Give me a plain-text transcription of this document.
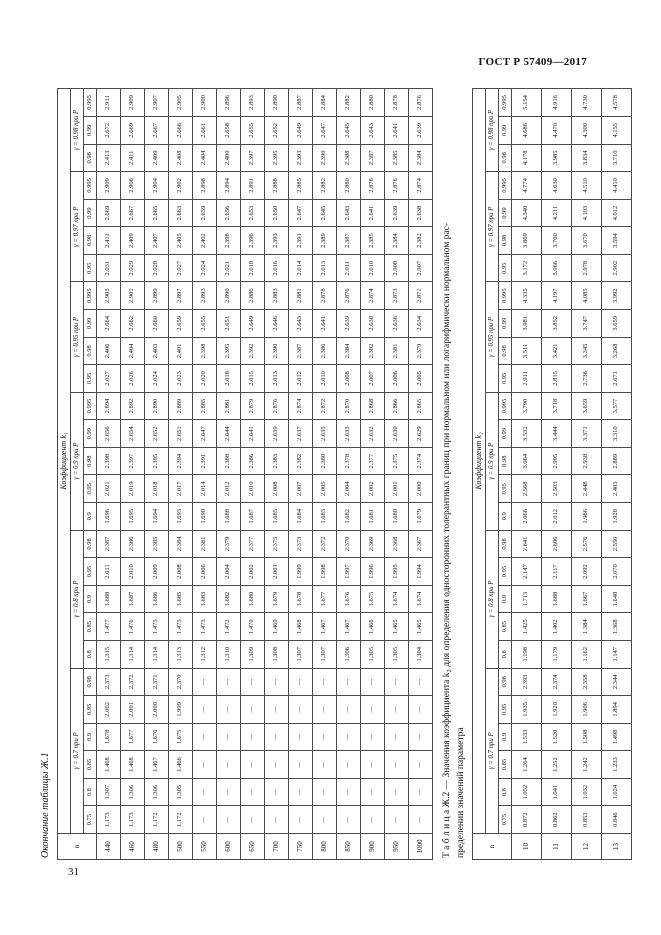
ГОСТ Р 57409—2017
31
Окончание таблицы Ж.1	n	Коэффициент k₁																										
	γ = 0.7 при Р						γ = 0.8 при Р					γ = 0.9 при Р					γ = 0.95 при Р				γ = 0.97 при Р				γ = 0.98 при Р		
	0.75	0.8	0.85	0.9	0.95	0.98	0.8	0.85	0.9	0.95	0.98	0.9	0.95	0.98	0.99	0.995	0.95	0.98	0.99	0.995	0.95	0.98	0.99	0.995	0.98	0.99	0.995
440	1.173	1.307	1.468	1.678	2.002	2.373	1.315	1.477	1.688	2.011	2.387	1.696	2.021	2.398	2.656	2.894	2.027	2.406	2.664	2.903	2.031	2.411	2.669	2.909	2.413	2.672	2.911
460	1.173	1.306	1.468	1.677	2.001	2.372	1.314	1.476	1.687	2.010	2.386	1.695	2.019	2.397	2.654	2.892	2.026	2.404	2.662	2.901	2.029	2.409	2.667	2.906	2.411	2.669	2.909
480	1.172	1.306	1.467	1.676	2.000	2.371	1.314	1.475	1.686	2.009	2.385	1.694	2.018	2.395	2.652	2.890	2.024	2.403	2.660	2.899	2.028	2.407	2.665	2.904	2.409	2.667	2.907
500	1.172	1.305	1.466	1.675	1.999	2.370	1.313	1.475	1.685	2.008	2.384	1.693	2.017	2.394	2.651	2.889	2.023	2.401	2.659	2.897	2.027	2.405	2.663	2.902	2.408	2.666	2.905
550	—	—	—	—	—	—	1.312	1.473	1.683	2.006	2.381	1.690	2.014	2.391	2.647	2.885	2.020	2.398	2.655	2.893	2.024	2.402	2.659	2.898	2.404	2.661	2.900
600	—	—	—	—	—	—	1.310	1.472	1.682	2.004	2.379	1.688	2.012	2.388	2.644	2.881	2.018	2.395	2.651	2.890	2.021	2.398	2.656	2.894	2.400	2.658	2.896
650	—	—	—	—	—	—	1.309	1.470	1.680	2.002	2.377	1.687	2.010	2.386	2.641	2.879	2.015	2.392	2.649	2.886	2.018	2.396	2.653	2.891	2.397	2.655	2.893
700	—	—	—	—	—	—	1.308	1.469	1.679	2.001	2.375	1.685	2.008	2.383	2.639	2.876	2.013	2.390	2.646	2.883	2.016	2.393	2.650	2.888	2.395	2.652	2.890
750	—	—	—	—	—	—	1.307	1.468	1.678	1.999	2.373	1.684	2.007	2.382	2.637	2.874	2.012	2.387	2.643	2.881	2.014	2.391	2.647	2.885	2.393	2.649	2.887
800	—	—	—	—	—	—	1.307	1.467	1.677	1.998	2.372	1.683	2.005	2.380	2.635	2.872	2.010	2.386	2.641	2.878	2.013	2.389	2.645	2.882	2.390	2.647	2.884
850	—	—	—	—	—	—	1.306	1.467	1.676	1.997	2.370	1.682	2.004	2.378	2.633	2.870	2.008	2.384	2.639	2.876	2.011	2.387	2.643	2.880	2.388	2.645	2.882
900	—	—	—	—	—	—	1.305	1.466	1.675	1.996	2.369	1.681	2.002	2.377	2.632	2.868	2.007	2.382	2.638	2.874	2.010	2.385	2.641	2.878	2.387	2.643	2.880
950	—	—	—	—	—	—	1.305	1.465	1.674	1.995	2.368	1.680	2.001	2.375	2.630	2.866	2.006	2.381	2.636	2.873	2.008	2.384	2.639	2.876	2.385	2.641	2.878
1000	—	—	—	—	—	—	1.304	1.465	1.674	1.994	2.367	1.679	2.000	2.374	2.629	2.865	2.005	2.379	2.634	2.871	2.007	2.382	2.638	2.874	2.384	2.639	2.876
Т а б л и ц а Ж.2 — Значения коэффициента k₂ для определения односторонних толерантных границ при нормальном или логарифмически нормальном рас- пределении значений параметра	n	Коэффициент k₂																										
	γ = 0.7 при Р						γ = 0.8 при Р					γ = 0.9 при Р					γ = 0.95 при Р				γ = 0.97 при Р				γ = 0.98 при Р		
	0.75	0.8	0.85	0.9	0.95	0.98	0.8	0.85	0.9	0.95	0.98	0.9	0.95	0.98	0.99	0.995	0.95	0.98	0.99	0.995	0.95	0.98	0.99	0.995	0.98	0.99	0.995
10	0.872	1.052	1.264	1.533	1.935	2.393	1.198	1.425	1.713	2.147	2.641	2.066	2.568	3.064	3.532	3.790	2.911	3.511	3.981	4.335	3.172	3.869	4.340	4.774	4.178	4.686	5.154
11	0.862	1.041	1.252	1.520	1.920	2.374	1.179	1.402	1.688	2.117	2.606	2.012	2.503	2.995	3.444	3.718	2.815	3.421	3.852	4.197	3.066	3.760	4.211	4.630	3.985	4.470	4.916
12	0.853	1.032	1.242	1.508	1.906	2.358	1.162	1.384	1.667	2.092	2.576	1.966	2.448	2.938	3.371	3.659	2.736	3.345	3.747	4.085	2.978	3.670	4.103	4.510	3.834	4.300	4.730
13	0.846	1.024	1.233	1.498	1.894	2.344	1.147	1.368	1.648	2.070	2.550	1.928	2.403	2.889	3.310	3.577	2.671	3.268	3.659	3.992	2.902	3.594	4.012	4.410	3.710	4.155	4.578
